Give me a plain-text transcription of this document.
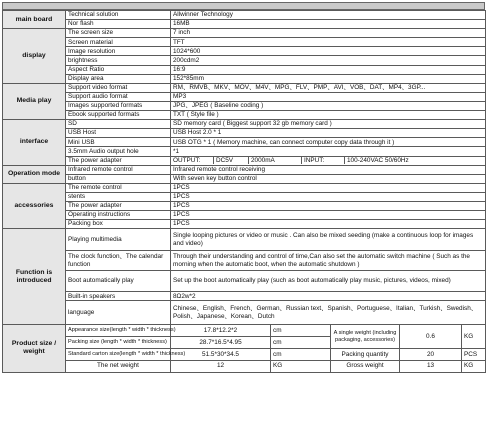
main board	Technical solution	Allwinner Technology				
	Nor flash	16MB				
display	The screen size	7 inch				
	Screen material	TFT				
	Image resolution	1024*600				
	brightness	200cdm2				
	Aspect Ratio	16:9				
	Display area	152*85mm				
Media play	Support video format	RM、RMVB、MKV、MOV、M4V、MPG、FLV、PMP、AVI、VOB、DAT、MP4、3GP...				
	Support audio format	MP3				
	Images supported formats	JPG、JPEG ( Baseline coding )				
	Ebook supported formats	TXT ( Style file )				
interface	SD	SD memory card ( Biggest support 32 gb memory card )				
	USB Host	USB Host 2.0 * 1				
	Mini USB	USB OTG * 1 ( Memory machine, can connect computer copy data through it )				
	3.5mm Audio output hole	*1				
	The power adapter	OUTPUT: DC5V 2000mA INPUT: 100-240VAC 50/60Hz				

Operation mode	Infrared remote control	Infrared remote control receiving				
	button	With seven key button control				
accessories	The remote control	1PCS				
	stents	1PCS				
	The power adapter	1PCS				
	Operating instructions	1PCS				
	Packing box	1PCS				
Function is introduced	Playing multimedia	Single looping pictures or video or music . Can also be mixed seeding (make a continuous loop for images and video)				
	The clock function、The calendar function	Through their understanding and control of time,Can also set the automatic switch machine ( Such as the morning when the automatic boot, when the automatic shutdown )				
	Boot automatically play	Set up the boot automatically play (such as boot automatically play music, pictures, videos, mixed)				
	Built-in speakers	8Ω2w*2				
	language	Chinese、English、French、German、Russian text、Spanish、Portuguese、Italian、Turkish、Swedish、Polish、Japanese、Korean、Dutch				
Product size / weight	Appearance size(length * width * thickness)	17.8*12.2*2	cm	A single weight (including packaging, accessories)	0.6	KG
	Packing size (length * width * thickness)	28.7*16.5*4.95	cm			
	Standard carton size(length * width * thickness)	51.5*30*34.5	cm	Packing quantity	20	PCS
	The net weight	12	KG	Gross weight	13	KG
